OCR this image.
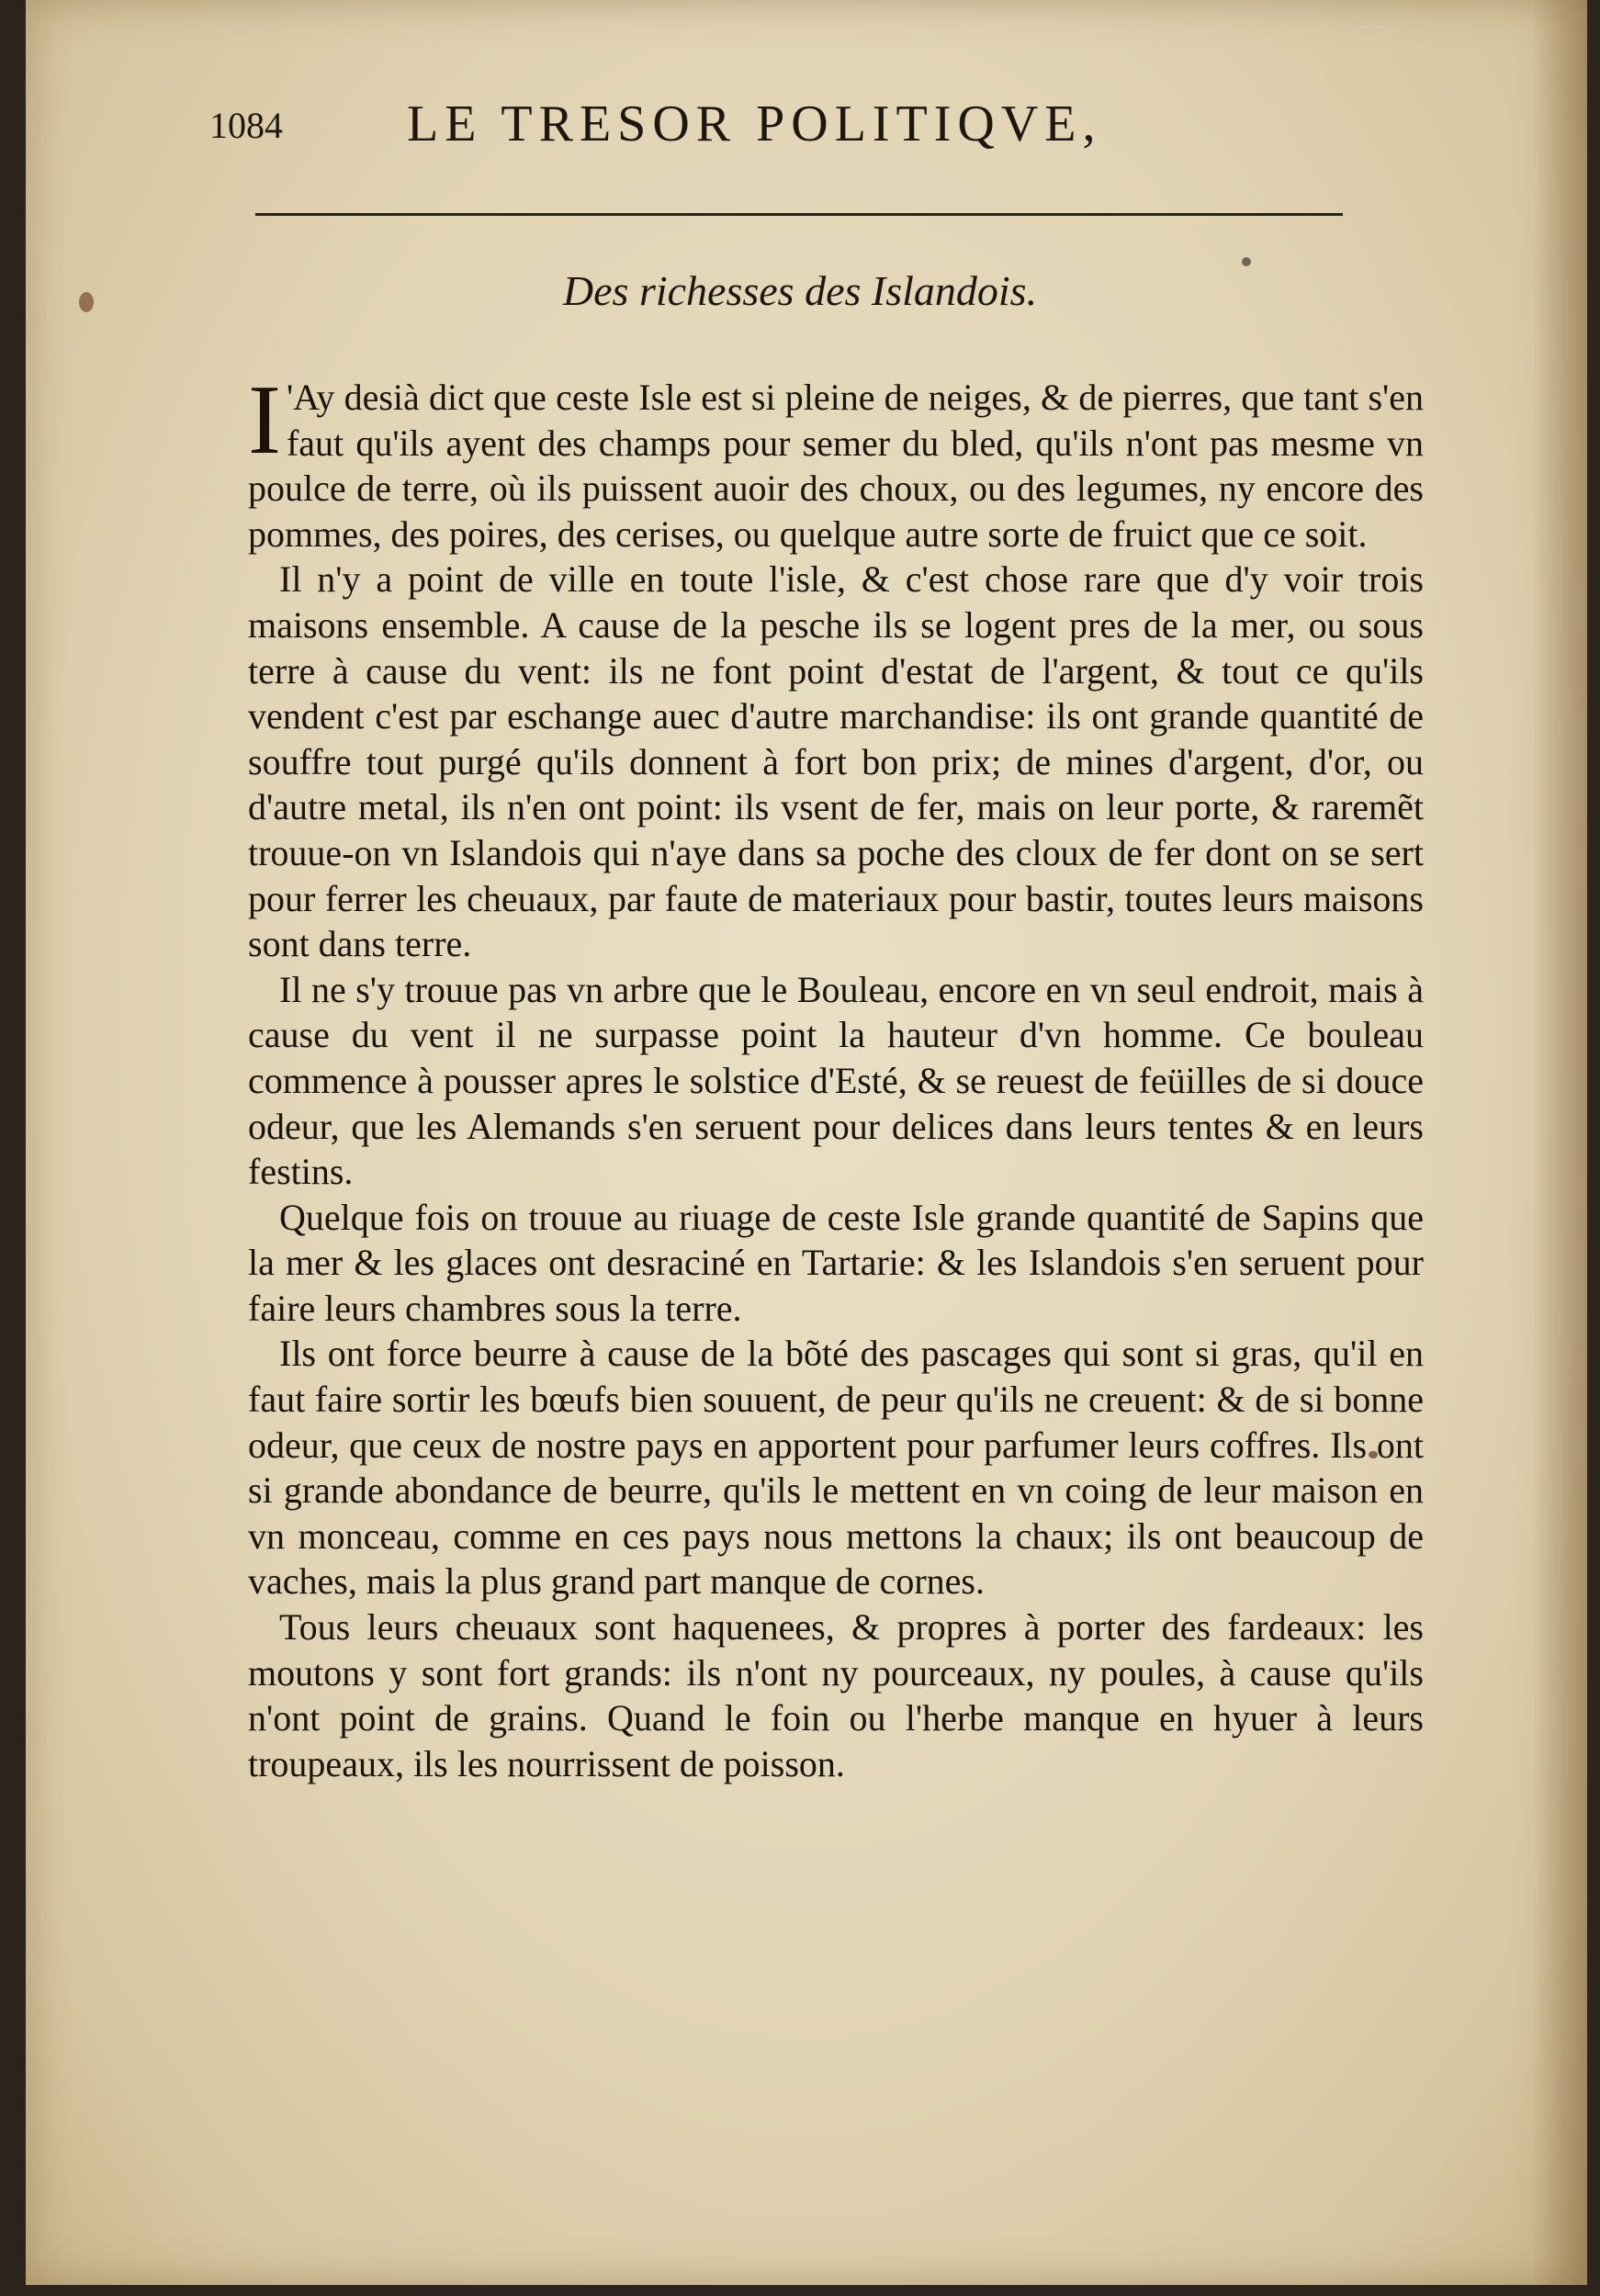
1084 LE TRESOR POLITIQVE,
Des richesses des Islandois.

I 'Ay desià dict que ceste Isle est si pleine de neiges, & de pierres, que tant s'en faut qu'ils ayent des champs pour semer du bled, qu'ils n'ont pas mesme vn poulce de terre, où ils puissent auoir des choux, ou des legumes, ny encore des pommes, des poires, des cerises, ou quelque autre sorte de fruict que ce soit.

Il n'y a point de ville en toute l'isle, & c'est chose rare que d'y voir trois maisons ensemble. A cause de la pesche ils se logent pres de la mer, ou sous terre à cause du vent: ils ne font point d'estat de l'argent, & tout ce qu'ils vendent c'est par eschange auec d'autre marchandise: ils ont grande quantité de souffre tout purgé qu'ils donnent à fort bon prix; de mines d'argent, d'or, ou d'autre metal, ils n'en ont point: ils vsent de fer, mais on leur porte, & raremẽt trouue-on vn Islandois qui n'aye dans sa poche des cloux de fer dont on se sert pour ferrer les cheuaux, par faute de materiaux pour bastir, toutes leurs maisons sont dans terre.

Il ne s'y trouue pas vn arbre que le Bouleau, encore en vn seul endroit, mais à cause du vent il ne surpasse point la hauteur d'vn homme. Ce bouleau commence à pousser apres le solstice d'Esté, & se reuest de feüilles de si douce odeur, que les Alemands s'en seruent pour delices dans leurs tentes & en leurs festins.

Quelque fois on trouue au riuage de ceste Isle grande quantité de Sapins que la mer & les glaces ont desraciné en Tartarie: & les Islandois s'en seruent pour faire leurs chambres sous la terre.

Ils ont force beurre à cause de la bõté des pascages qui sont si gras, qu'il en faut faire sortir les bœufs bien souuent, de peur qu'ils ne creuent: & de si bonne odeur, que ceux de nostre pays en apportent pour parfumer leurs coffres. Ils ont si grande abondance de beurre, qu'ils le mettent en vn coing de leur maison en vn monceau, comme en ces pays nous mettons la chaux; ils ont beaucoup de vaches, mais la plus grand part manque de cornes.

Tous leurs cheuaux sont haquenees, & propres à porter des fardeaux: les moutons y sont fort grands: ils n'ont ny pourceaux, ny poules, à cause qu'ils n'ont point de grains. Quand le foin ou l'herbe manque en hyuer à leurs troupeaux, ils les nourrissent de poisson.
